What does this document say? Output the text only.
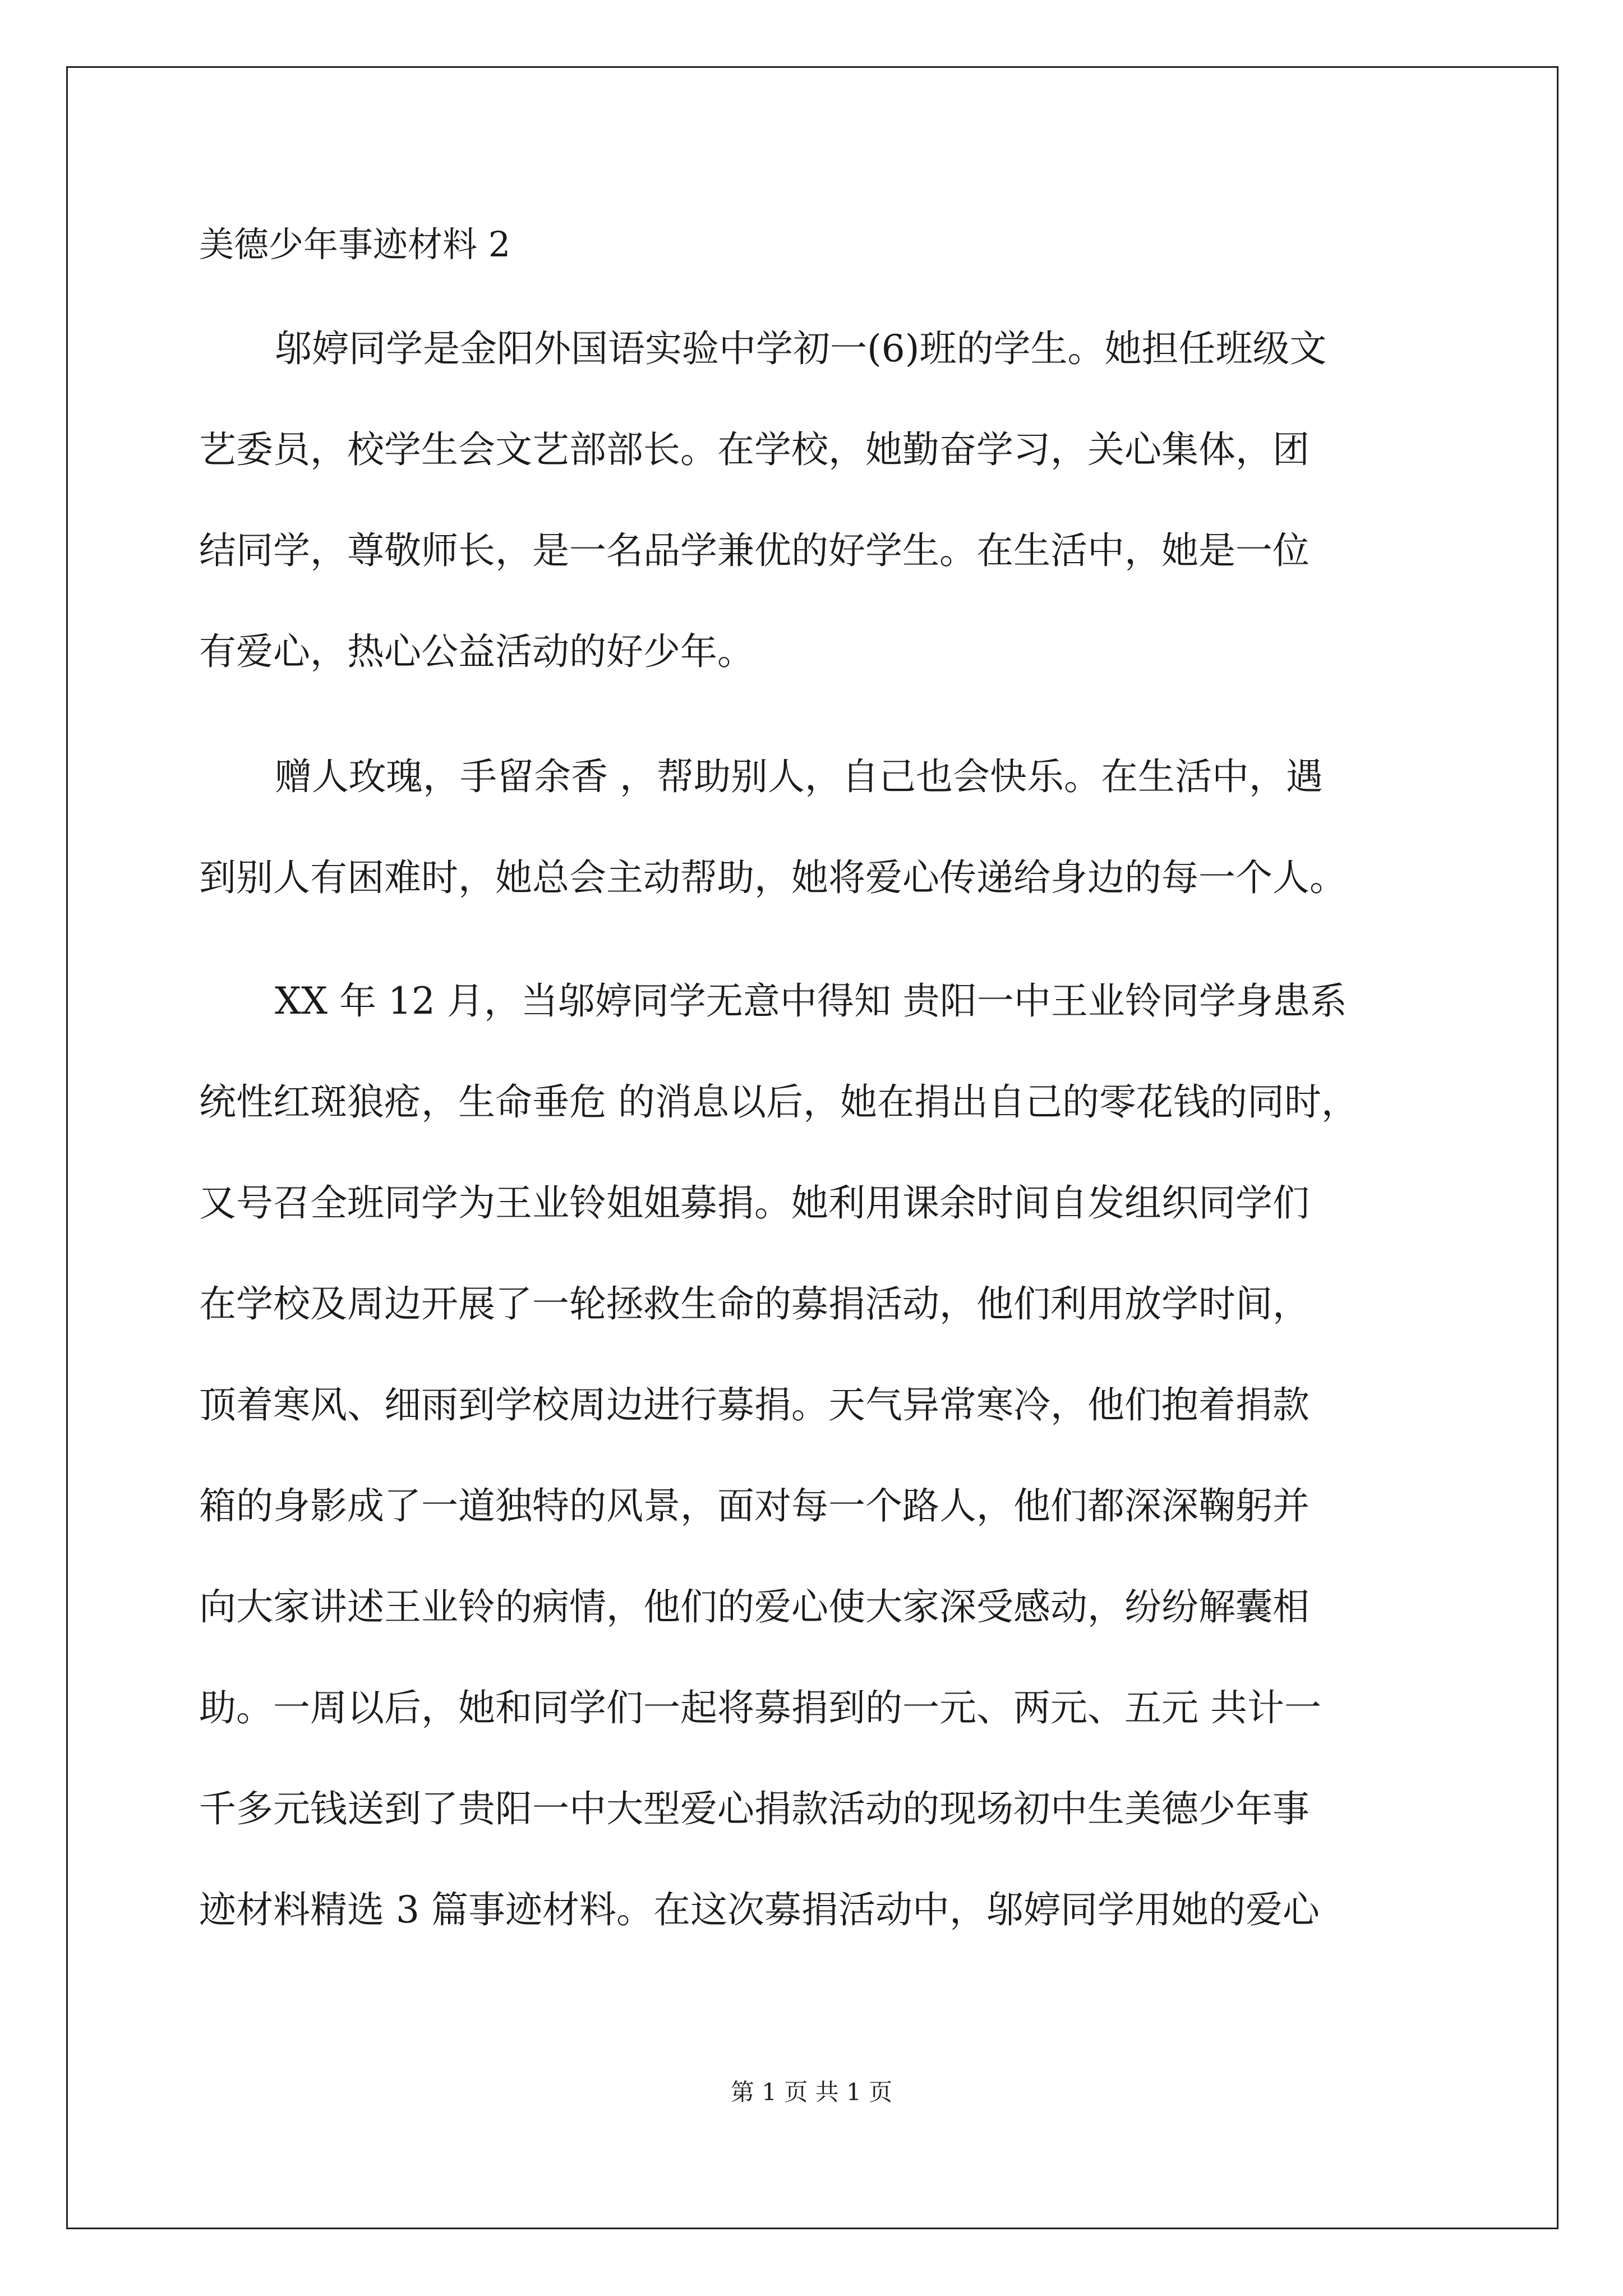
美德少年事迹材料 2
邬婷同学是金阳外国语实验中学初一(6)班的学生。她担任班级文
艺委员，校学生会文艺部部长。在学校，她勤奋学习，关心集体，团
结同学，尊敬师长，是一名品学兼优的好学生。在生活中，她是一位
有爱心，热心公益活动的好少年。
赠人玫瑰，手留余香 ，帮助别人，自己也会快乐。在生活中，遇
到别人有困难时，她总会主动帮助，她将爱心传递给身边的每一个人。
XX 年 12 月，当邬婷同学无意中得知 贵阳一中王业铃同学身患系
统性红斑狼疮，生命垂危 的消息以后，她在捐出自己的零花钱的同时，
又号召全班同学为王业铃姐姐募捐。她利用课余时间自发组织同学们
在学校及周边开展了一轮拯救生命的募捐活动，他们利用放学时间，
顶着寒风、细雨到学校周边进行募捐。天气异常寒冷，他们抱着捐款
箱的身影成了一道独特的风景，面对每一个路人，他们都深深鞠躬并
向大家讲述王业铃的病情，他们的爱心使大家深受感动，纷纷解囊相
助。一周以后，她和同学们一起将募捐到的一元、两元、五元 共计一
千多元钱送到了贵阳一中大型爱心捐款活动的现场初中生美德少年事
迹材料精选 3 篇事迹材料。在这次募捐活动中，邬婷同学用她的爱心
第 1 页 共 1 页
